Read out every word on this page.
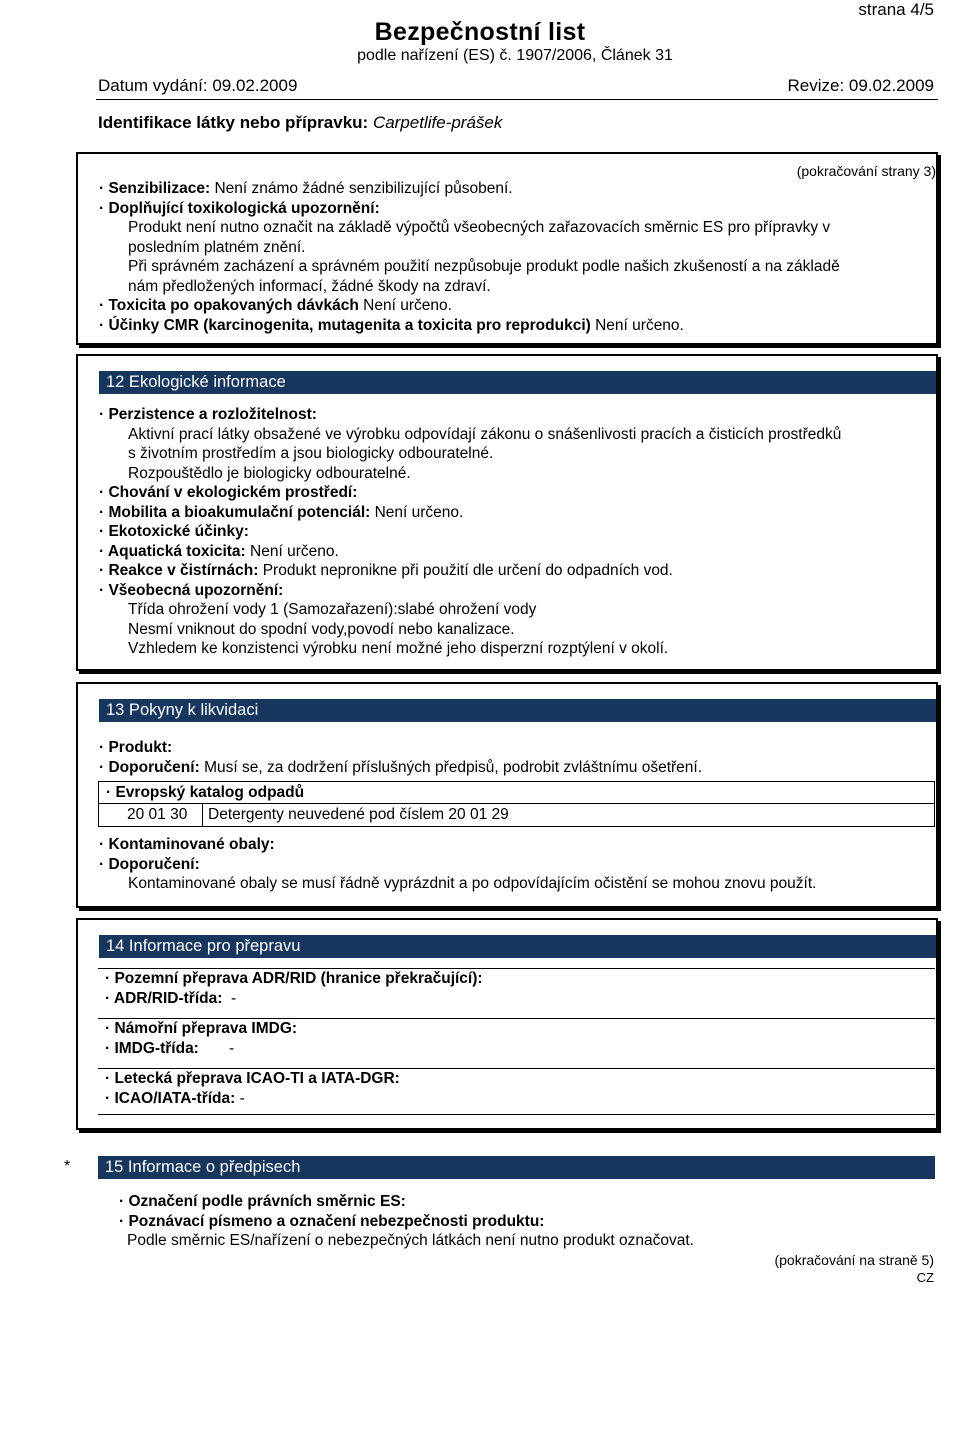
strana 4/5
Bezpečnostní list
podle nařízení (ES) č. 1907/2006, Článek 31
Datum vydání: 09.02.2009	Revize: 09.02.2009
Identifikace látky nebo přípravku: Carpetlife-prášek
(pokračování strany 3)
· Senzibilizace: Není známo žádné senzibilizující působení.
· Doplňující toxikologická upozornění:
Produkt není nutno označit na základě výpočtů všeobecných zařazovacích směrnic ES pro přípravky v
posledním platném znění.
Při správném zacházení a správném použití nezpůsobuje produkt podle našich zkušeností a na základě
nám předložených informací, žádné škody na zdraví.
· Toxicita po opakovaných dávkách Není určeno.
· Účinky CMR (karcinogenita, mutagenita a toxicita pro reprodukci) Není určeno.
12 Ekologické informace
· Perzistence a rozložitelnost:
Aktivní prací látky obsažené ve výrobku odpovídají zákonu o snášenlivosti pracích a čisticích prostředků
s životním prostředím a jsou biologicky odbouratelné.
Rozpouštědlo je biologicky odbouratelné.
· Chování v ekologickém prostředí:
· Mobilita a bioakumulační potenciál: Není určeno.
· Ekotoxické účinky:
· Aquatická toxicita: Není určeno.
· Reakce v čistírnách: Produkt nepronikne při použití dle určení do odpadních vod.
· Všeobecná upozornění:
Třída ohrožení vody 1 (Samozařazení):slabé ohrožení vody
Nesmí vniknout do spodní vody,povodí nebo kanalizace.
Vzhledem ke konzistenci výrobku není možné jeho disperzní rozptýlení v okolí.
13 Pokyny k likvidaci
· Produkt:
· Doporučení: Musí se, za dodržení příslušných předpisů, podrobit zvláštnímu ošetření.
· Kontaminované obaly:
· Doporučení:
Kontaminované obaly se musí řádně vyprázdnit a po odpovídajícím očistění se mohou znovu použít.
· Evropský katalog odpadů
20 01 30	Detergenty neuvedené pod číslem 20 01 29
14 Informace pro přepravu
· Pozemní přeprava ADR/RID (hranice překračující):
· ADR/RID-třída: -
· Námořní přeprava IMDG:
· IMDG-třída: -
· Letecká přeprava ICAO-TI a IATA-DGR:
· ICAO/IATA-třída: -
*	15 Informace o předpisech
· Označení podle právních směrnic ES:
· Poznávací písmeno a označení nebezpečnosti produktu:
Podle směrnic ES/nařízení o nebezpečných látkách není nutno produkt označovat.
(pokračování na straně 5)
CZ
